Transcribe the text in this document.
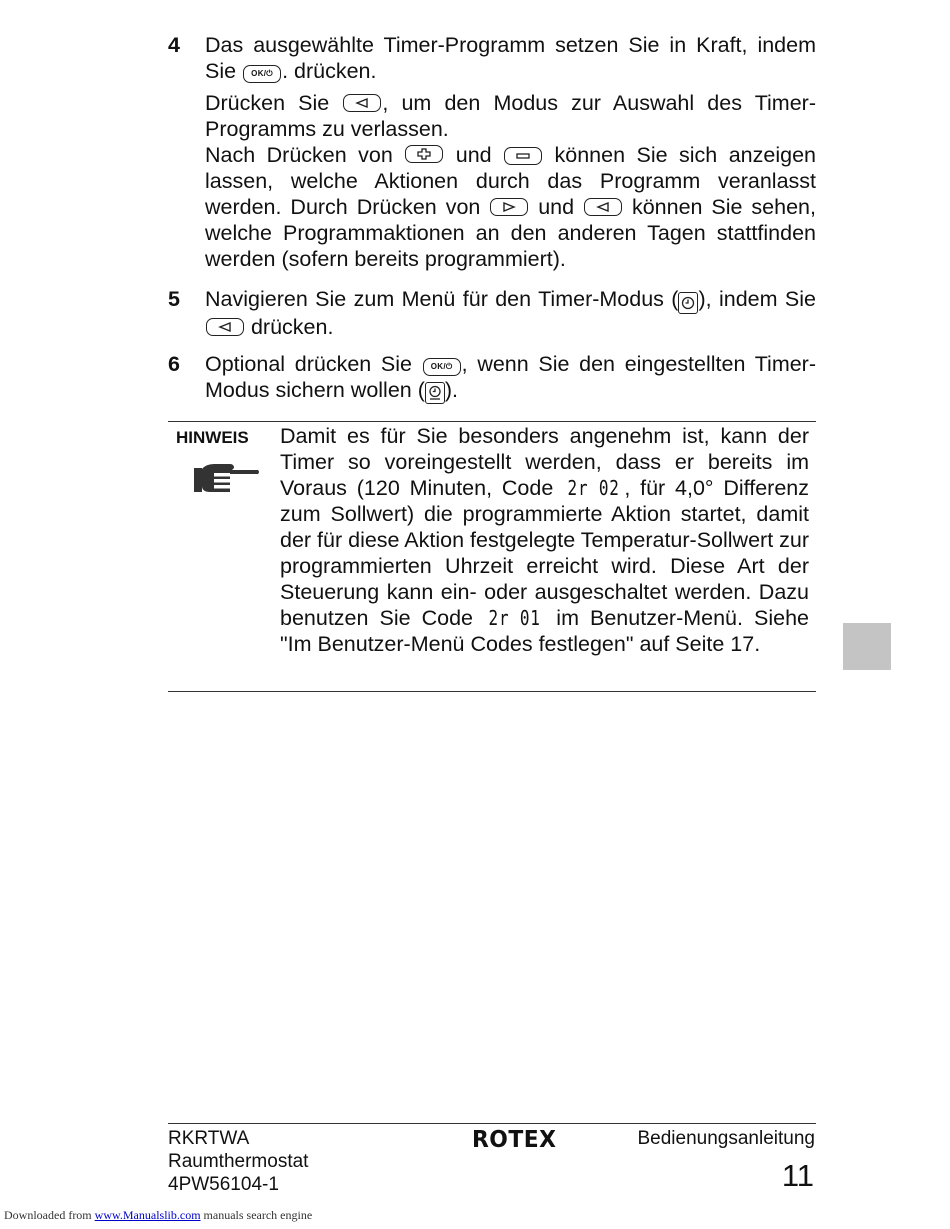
4 Das ausgewählte Timer-Programm setzen Sie in Kraft, indem Sie OK/⏻ . drücken.

Drücken Sie
, um den Modus zur Auswahl des Timer-Programms zu verlassen.

Nach Drücken von
und
können Sie sich anzeigen lassen, welche Aktionen durch das Programm veranlasst werden. Durch Drücken von
und
können Sie sehen, welche Programmaktionen an den anderen Tagen stattfinden werden (sofern bereits programmiert).

5 Navigieren Sie zum Menü für den Timer-Modus ( ), indem Sie
drücken.

6 Optional drücken Sie OK/⏻ , wenn Sie den eingestellten Timer-Modus sichern wollen ( ).

HINWEIS Damit es für Sie besonders angenehm ist, kann der Timer so voreingestellt werden, dass er bereits im Voraus (120 Minuten, Code 2r 02 , für 4,0° Differenz zum Sollwert) die programmierte Aktion startet, damit der für diese Aktion festgelegte Temperatur-Sollwert zur programmierten Uhrzeit erreicht wird. Diese Art der Steuerung kann ein- oder ausgeschaltet werden. Dazu benutzen Sie Code 2r 01 im Benutzer-Menü. Siehe "Im Benutzer-Menü Codes festlegen" auf Seite 17.

RKRTWA
Raumthermostat
4PW56104-1
ROTEX	Bedienungsanleitung
11
Downloaded from www.Manualslib.com manuals search engine
